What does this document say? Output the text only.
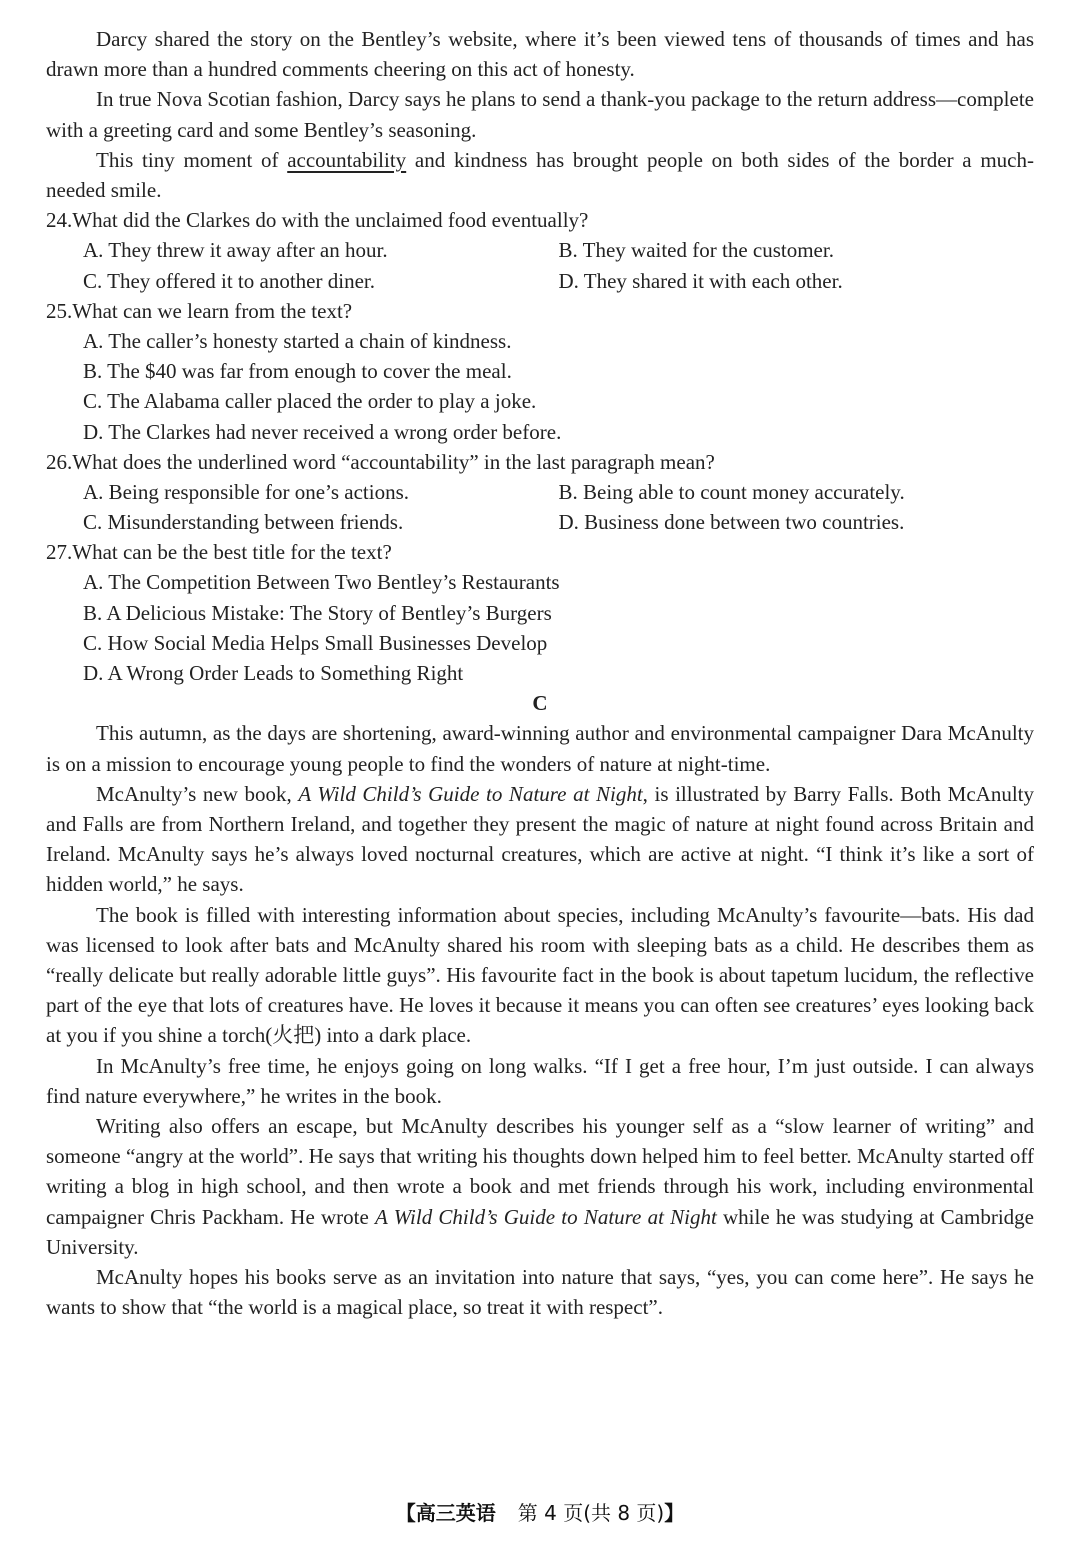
Darcy shared the story on the Bentley’s website, where it’s been viewed tens of thousands of times and has drawn more than a hundred comments cheering on this act of honesty.

In true Nova Scotian fashion, Darcy says he plans to send a thank-you package to the return address—complete with a greeting card and some Bentley’s seasoning.

This tiny moment of accountability and kindness has brought people on both sides of the border a much-needed smile.

24.What did the Clarkes do with the unclaimed food eventually?
A. They threw it away after an hour.	B. They waited for the customer.
C. They offered it to another diner.	D. They shared it with each other.
25.What can we learn from the text?
A. The caller’s honesty started a chain of kindness.
B. The $40 was far from enough to cover the meal.
C. The Alabama caller placed the order to play a joke.
D. The Clarkes had never received a wrong order before.
26.What does the underlined word “accountability” in the last paragraph mean?
A. Being responsible for one’s actions.	B. Being able to count money accurately.
C. Misunderstanding between friends.	D. Business done between two countries.
27.What can be the best title for the text?
A. The Competition Between Two Bentley’s Restaurants
B. A Delicious Mistake: The Story of Bentley’s Burgers
C. How Social Media Helps Small Businesses Develop
D. A Wrong Order Leads to Something Right
C

This autumn, as the days are shortening, award-winning author and environmental campaigner Dara McAnulty is on a mission to encourage young people to find the wonders of nature at night-time.

McAnulty’s new book, A Wild Child’s Guide to Nature at Night, is illustrated by Barry Falls. Both McAnulty and Falls are from Northern Ireland, and together they present the magic of nature at night found across Britain and Ireland. McAnulty says he’s always loved nocturnal creatures, which are active at night. “I think it’s like a sort of hidden world,” he says.

The book is filled with interesting information about species, including McAnulty’s favourite—bats. His dad was licensed to look after bats and McAnulty shared his room with sleeping bats as a child. He describes them as “really delicate but really adorable little guys”. His favourite fact in the book is about tapetum lucidum, the reflective part of the eye that lots of creatures have. He loves it because it means you can often see creatures’ eyes looking back at you if you shine a torch(火把) into a dark place.

In McAnulty’s free time, he enjoys going on long walks. “If I get a free hour, I’m just outside. I can always find nature everywhere,” he writes in the book.

Writing also offers an escape, but McAnulty describes his younger self as a “slow learner of writing” and someone “angry at the world”. He says that writing his thoughts down helped him to feel better. McAnulty started off writing a blog in high school, and then wrote a book and met friends through his work, including environmental campaigner Chris Packham. He wrote A Wild Child’s Guide to Nature at Night while he was studying at Cambridge University.

McAnulty hopes his books serve as an invitation into nature that says, “yes, you can come here”. He says he wants to show that “the world is a magical place, so treat it with respect”.

【高三英语 第 4 页(共 8 页)】
